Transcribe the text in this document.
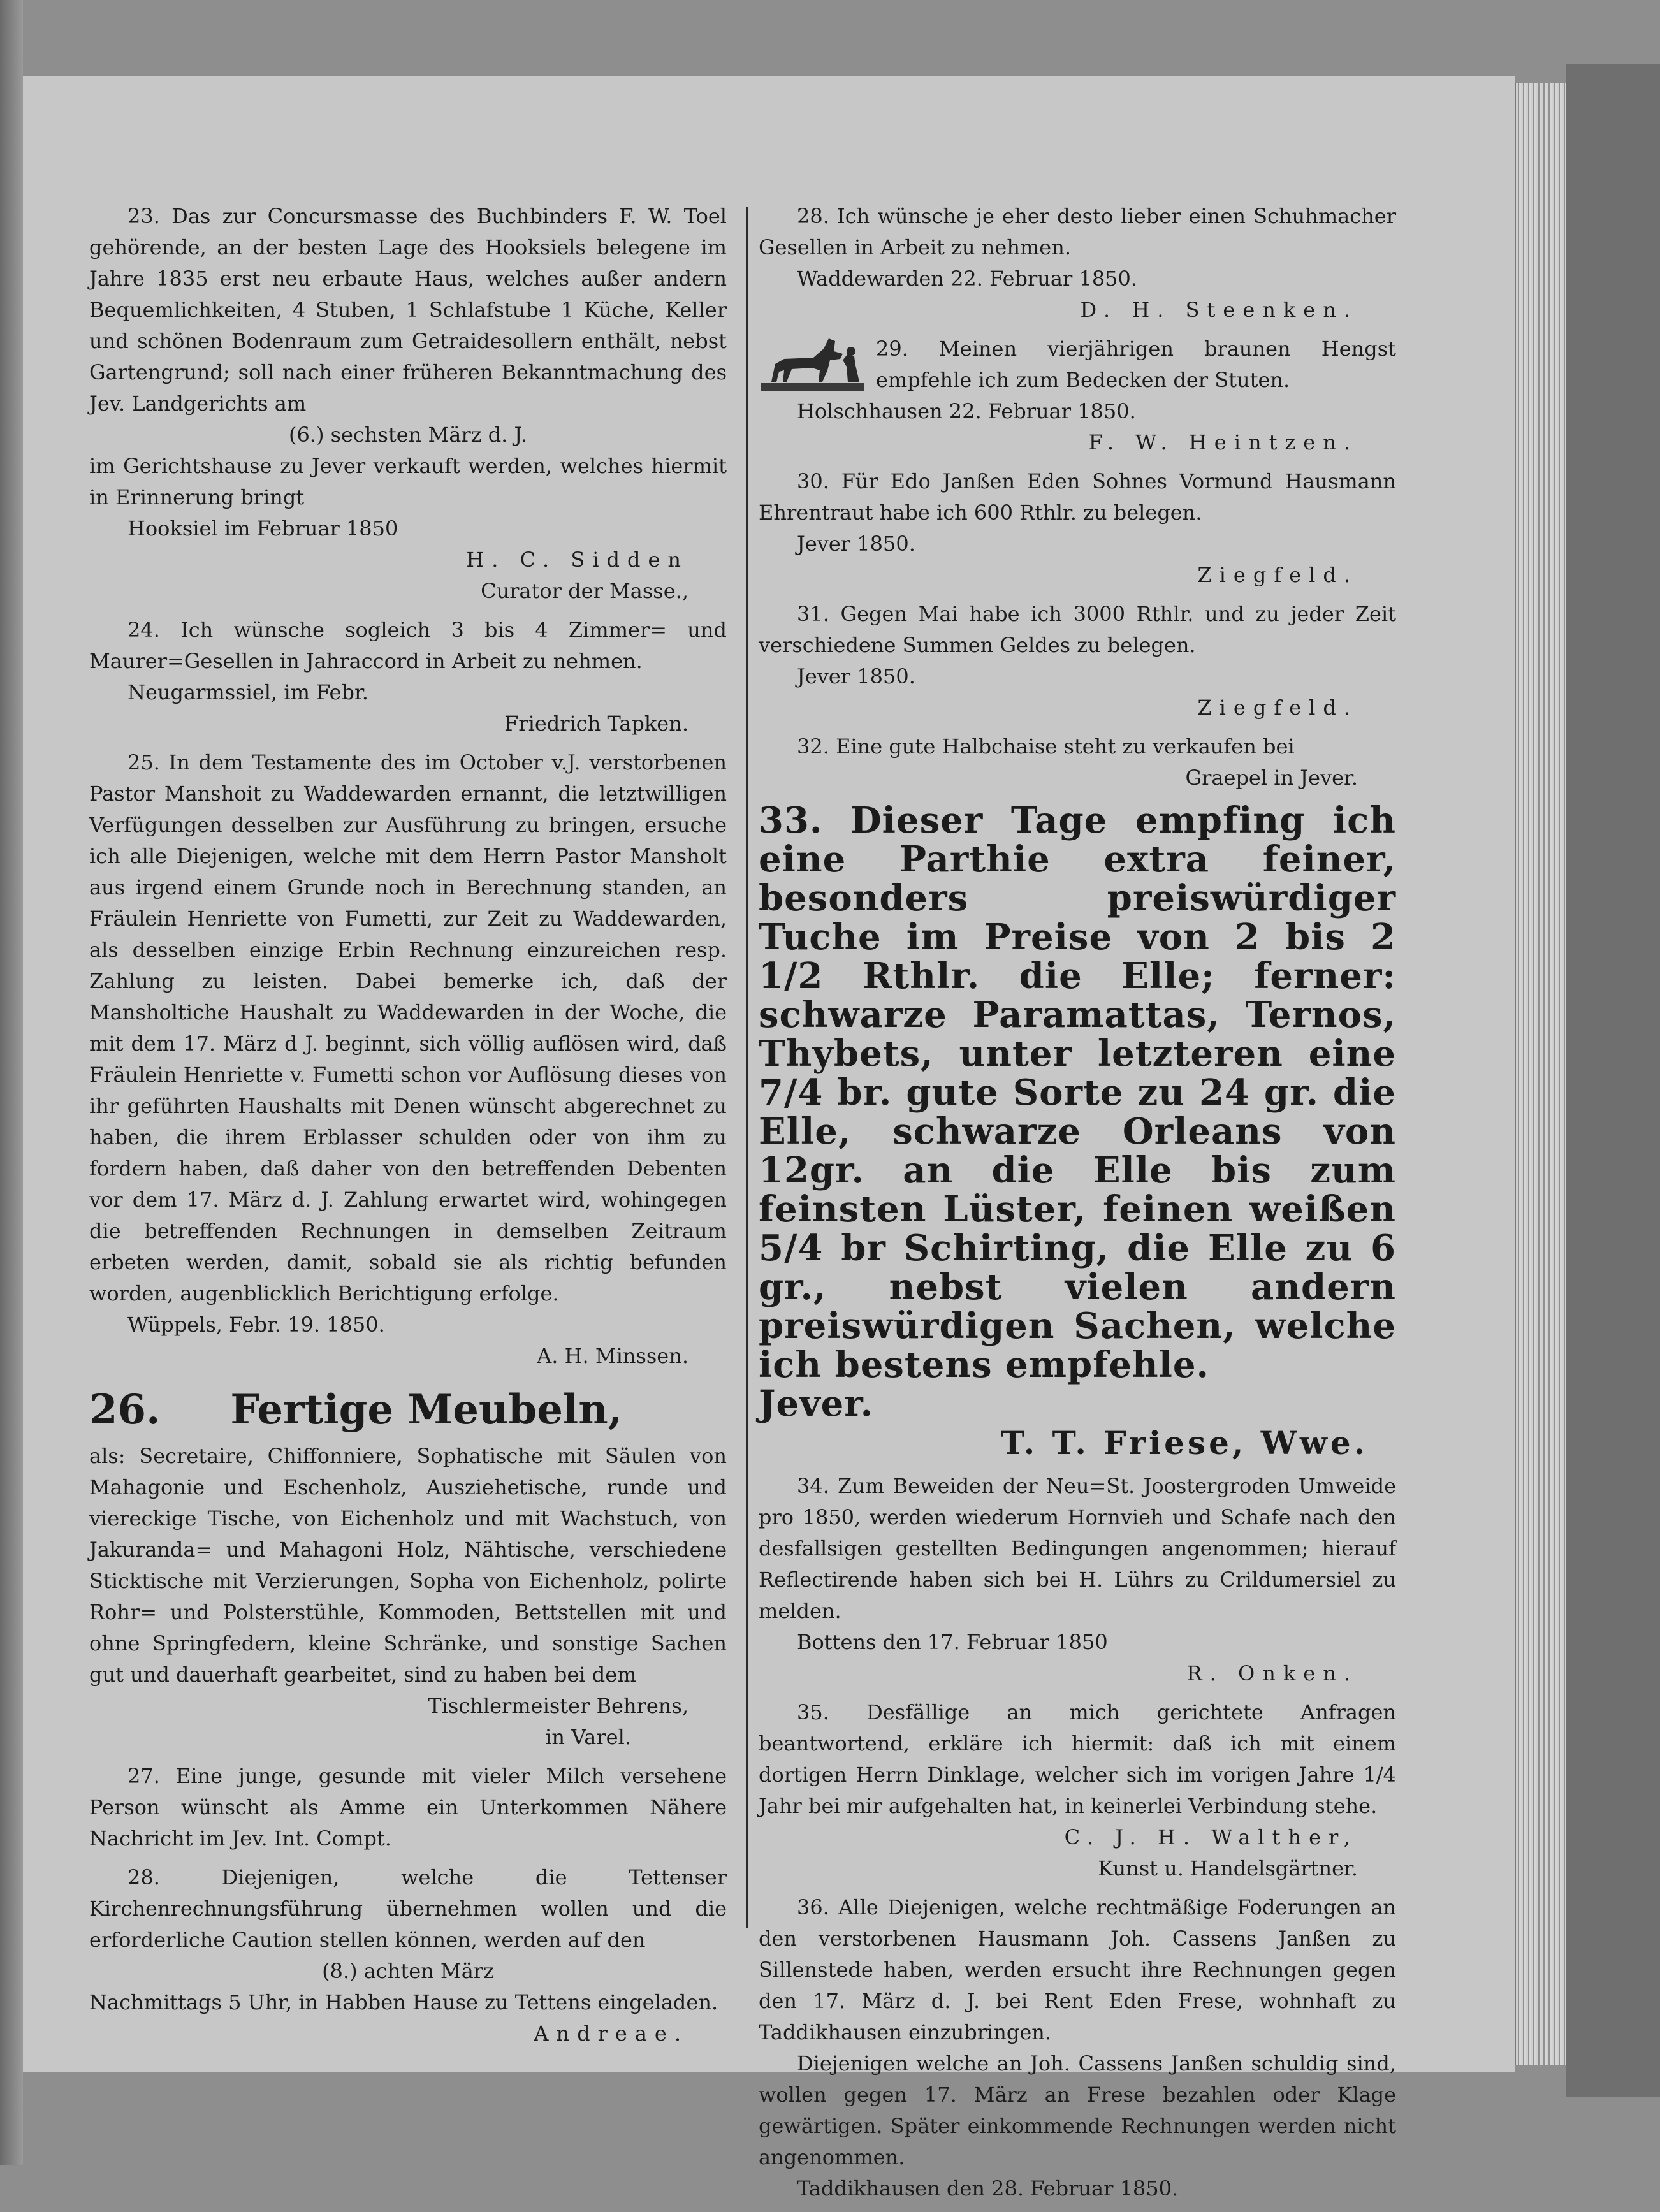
23. Das zur Concursmasse des Buchbinders F. W. Toel gehörende, an der besten Lage des Hooksiels belegene im Jahre 1835 erst neu erbaute Haus, welches außer andern Bequemlichkeiten, 4 Stuben, 1 Schlafstube 1 Küche, Keller und schönen Bodenraum zum Getraidesollern enthält, nebst Gartengrund; soll nach einer früheren Bekanntmachung des Jev. Landgerichts am

(6.) sechsten März d. J.

im Gerichtshause zu Jever verkauft werden, welches hiermit in Erinnerung bringt

Hooksiel im Februar 1850

H. C. Sidden

Curator der Masse.,

24. Ich wünsche sogleich 3 bis 4 Zimmer= und Maurer=Gesellen in Jahraccord in Arbeit zu nehmen.

Neugarmssiel, im Febr.

Friedrich Tapken.

25. In dem Testamente des im October v.J. verstorbenen Pastor Manshoit zu Waddewarden ernannt, die letztwilligen Verfügungen desselben zur Ausführung zu bringen, ersuche ich alle Diejenigen, welche mit dem Herrn Pastor Mansholt aus irgend einem Grunde noch in Berechnung standen, an Fräulein Henriette von Fumetti, zur Zeit zu Waddewarden, als desselben einzige Erbin Rechnung einzureichen resp. Zahlung zu leisten. Dabei bemerke ich, daß der Mansholtiche Haushalt zu Waddewarden in der Woche, die mit dem 17. März d J. beginnt, sich völlig auflösen wird, daß Fräulein Henriette v. Fumetti schon vor Auflösung dieses von ihr geführten Haushalts mit Denen wünscht abgerechnet zu haben, die ihrem Erblasser schulden oder von ihm zu fordern haben, daß daher von den betreffenden Debenten vor dem 17. März d. J. Zahlung erwartet wird, wohingegen die betreffenden Rechnungen in demselben Zeitraum erbeten werden, damit, sobald sie als richtig befunden worden, augenblicklich Berichtigung erfolge.

Wüppels, Febr. 19. 1850.

A. H. Minssen.

26. Fertige Meubeln,

als: Secretaire, Chiffonniere, Sophatische mit Säulen von Mahagonie und Eschenholz, Ausziehetische, runde und viereckige Tische, von Eichenholz und mit Wachstuch, von Jakuranda= und Mahagoni Holz, Nähtische, verschiedene Sticktische mit Verzierungen, Sopha von Eichenholz, polirte Rohr= und Polsterstühle, Kommoden, Bettstellen mit und ohne Springfedern, kleine Schränke, und sonstige Sachen gut und dauerhaft gearbeitet, sind zu haben bei dem

Tischlermeister Behrens,

in Varel.

27. Eine junge, gesunde mit vieler Milch versehene Person wünscht als Amme ein Unterkommen Nähere Nachricht im Jev. Int. Compt.

28. Diejenigen, welche die Tettenser Kirchenrechnungsführung übernehmen wollen und die erforderliche Caution stellen können, werden auf den

(8.) achten März

Nachmittags 5 Uhr, in Habben Hause zu Tettens eingeladen.

Andreae.

28. Ich wünsche je eher desto lieber einen Schuhmacher Gesellen in Arbeit zu nehmen.

Waddewarden 22. Februar 1850.

D. H. Steenken.

29. Meinen vierjährigen braunen Hengst empfehle ich zum Bedecken der Stuten.

Holschhausen 22. Februar 1850.

F. W. Heintzen.

30. Für Edo Janßen Eden Sohnes Vormund Hausmann Ehrentraut habe ich 600 Rthlr. zu belegen.

Jever 1850.

Ziegfeld.

31. Gegen Mai habe ich 3000 Rthlr. und zu jeder Zeit verschiedene Summen Geldes zu belegen.

Jever 1850.

Ziegfeld.

32. Eine gute Halbchaise steht zu verkaufen bei

Graepel in Jever.

33. Dieser Tage empfing ich eine Parthie extra feiner, besonders preiswürdiger Tuche im Preise von 2 bis 2 1/2 Rthlr. die Elle; ferner: schwarze Paramattas, Ternos, Thybets, unter letzteren eine 7/4 br. gute Sorte zu 24 gr. die Elle, schwarze Orleans von 12gr. an die Elle bis zum feinsten Lüster, feinen weißen 5/4 br Schirting, die Elle zu 6 gr., nebst vielen andern preiswürdigen Sachen, welche ich bestens empfehle.

Jever.

T. T. Friese, Wwe.

34. Zum Beweiden der Neu=St. Joostergroden Umweide pro 1850, werden wiederum Hornvieh und Schafe nach den desfallsigen gestellten Bedingungen angenommen; hierauf Reflectirende haben sich bei H. Lührs zu Crildumersiel zu melden.

Bottens den 17. Februar 1850

R. Onken.

35. Desfällige an mich gerichtete Anfragen beantwortend, erkläre ich hiermit: daß ich mit einem dortigen Herrn Dinklage, welcher sich im vorigen Jahre 1/4 Jahr bei mir aufgehalten hat, in keinerlei Verbindung stehe.

C. J. H. Walther,

Kunst u. Handelsgärtner.

36. Alle Diejenigen, welche rechtmäßige Foderungen an den verstorbenen Hausmann Joh. Cassens Janßen zu Sillenstede haben, werden ersucht ihre Rechnungen gegen den 17. März d. J. bei Rent Eden Frese, wohnhaft zu Taddikhausen einzubringen.

Diejenigen welche an Joh. Cassens Janßen schuldig sind, wollen gegen 17. März an Frese bezahlen oder Klage gewärtigen. Später einkommende Rechnungen werden nicht angenommen.

Taddikhausen den 28. Februar 1850.
